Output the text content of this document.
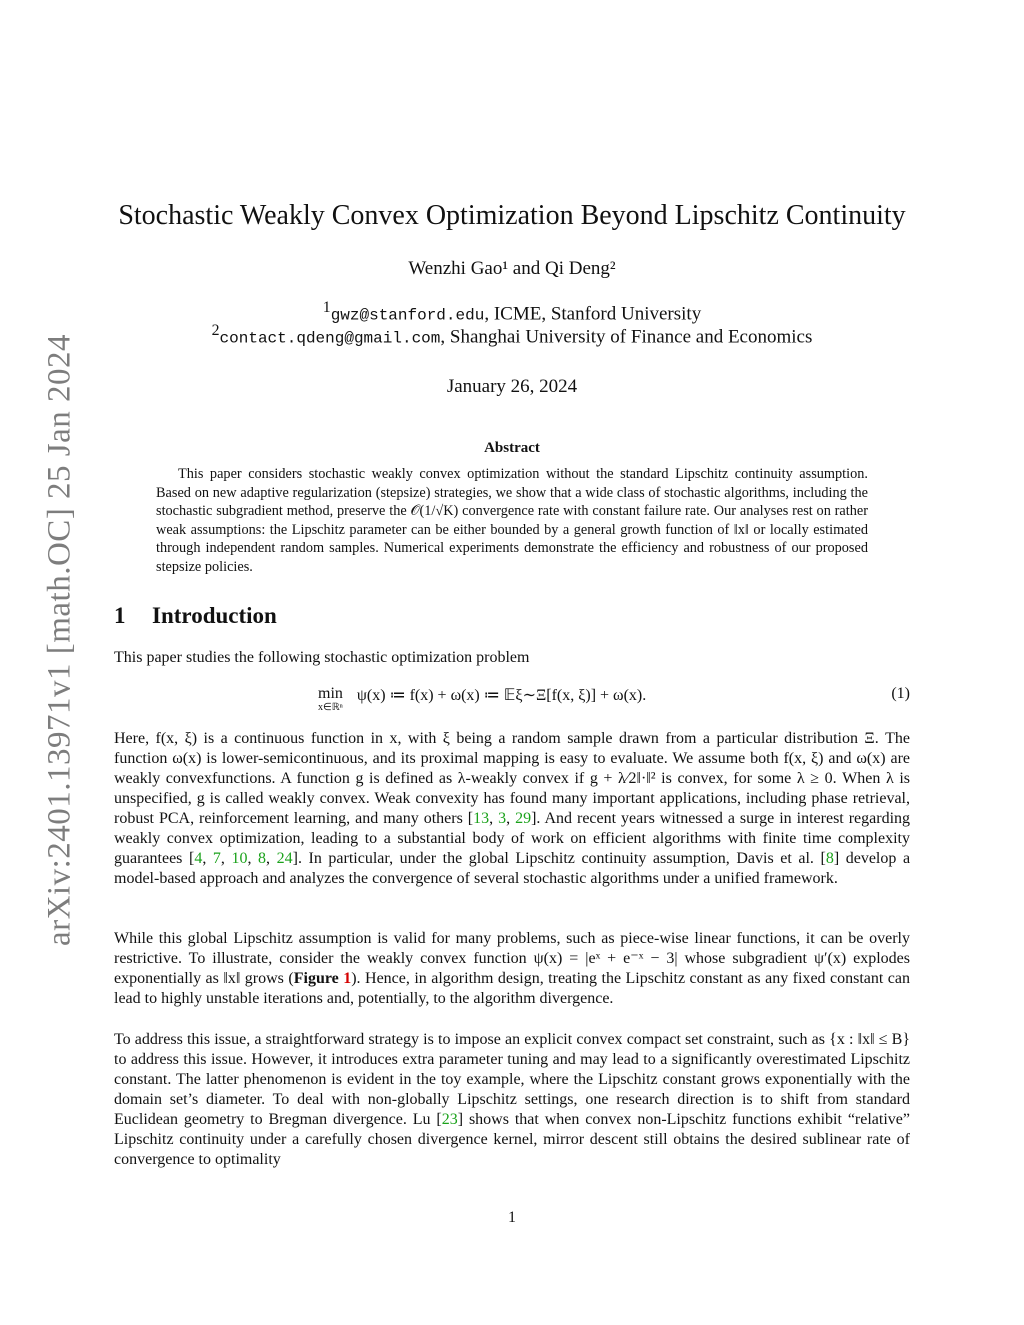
arXiv:2401.13971v1 [math.OC] 25 Jan 2024
Stochastic Weakly Convex Optimization Beyond Lipschitz Continuity
Wenzhi Gao¹ and Qi Deng²
$^1$gwz@stanford.edu, ICME, Stanford University
$^2$contact.qdeng@gmail.com, Shanghai University of Finance and Economics
January 26, 2024
Abstract
This paper considers stochastic weakly convex optimization without the standard Lipschitz continuity assumption. Based on new adaptive regularization (stepsize) strategies, we show that a wide class of stochastic algorithms, including the stochastic subgradient method, preserve the 𝒪(1/√K) convergence rate with constant failure rate. Our analyses rest on rather weak assumptions: the Lipschitz parameter can be either bounded by a general growth function of ‖x‖ or locally estimated through independent random samples. Numerical experiments demonstrate the efficiency and robustness of our proposed stepsize policies.
1 Introduction
This paper studies the following stochastic optimization problem
min
x∈ℝⁿ
ψ(x) ≔ f(x) + ω(x) ≔ 𝔼ξ∼Ξ[f(x, ξ)] + ω(x).	(1)
Here, f(x, ξ) is a continuous function in x, with ξ being a random sample drawn from a particular distribution Ξ. The function ω(x) is lower-semicontinuous, and its proximal mapping is easy to evaluate. We assume both f(x, ξ) and ω(x) are weakly convexfunctions. A function g is defined as λ-weakly convex if g + λ⁄2‖·‖² is convex, for some λ ≥ 0. When λ is unspecified, g is called weakly convex. Weak convexity has found many important applications, including phase retrieval, robust PCA, reinforcement learning, and many others [13, 3, 29]. And recent years witnessed a surge in interest regarding weakly convex optimization, leading to a substantial body of work on efficient algorithms with finite time complexity guarantees [4, 7, 10, 8, 24]. In particular, under the global Lipschitz continuity assumption, Davis et al. [8] develop a model-based approach and analyzes the convergence of several stochastic algorithms under a unified framework.
While this global Lipschitz assumption is valid for many problems, such as piece-wise linear functions, it can be overly restrictive. To illustrate, consider the weakly convex function ψ(x) = |eˣ + e⁻ˣ − 3| whose subgradient ψ′(x) explodes exponentially as ‖x‖ grows (Figure 1). Hence, in algorithm design, treating the Lipschitz constant as any fixed constant can lead to highly unstable iterations and, potentially, to the algorithm divergence.
To address this issue, a straightforward strategy is to impose an explicit convex compact set constraint, such as {x : ‖x‖ ≤ B} to address this issue. However, it introduces extra parameter tuning and may lead to a significantly overestimated Lipschitz constant. The latter phenomenon is evident in the toy example, where the Lipschitz constant grows exponentially with the domain set’s diameter. To deal with non-globally Lipschitz settings, one research direction is to shift from standard Euclidean geometry to Bregman divergence. Lu [23] shows that when convex non-Lipschitz functions exhibit “relative” Lipschitz continuity under a carefully chosen divergence kernel, mirror descent still obtains the desired sublinear rate of convergence to optimality
1
